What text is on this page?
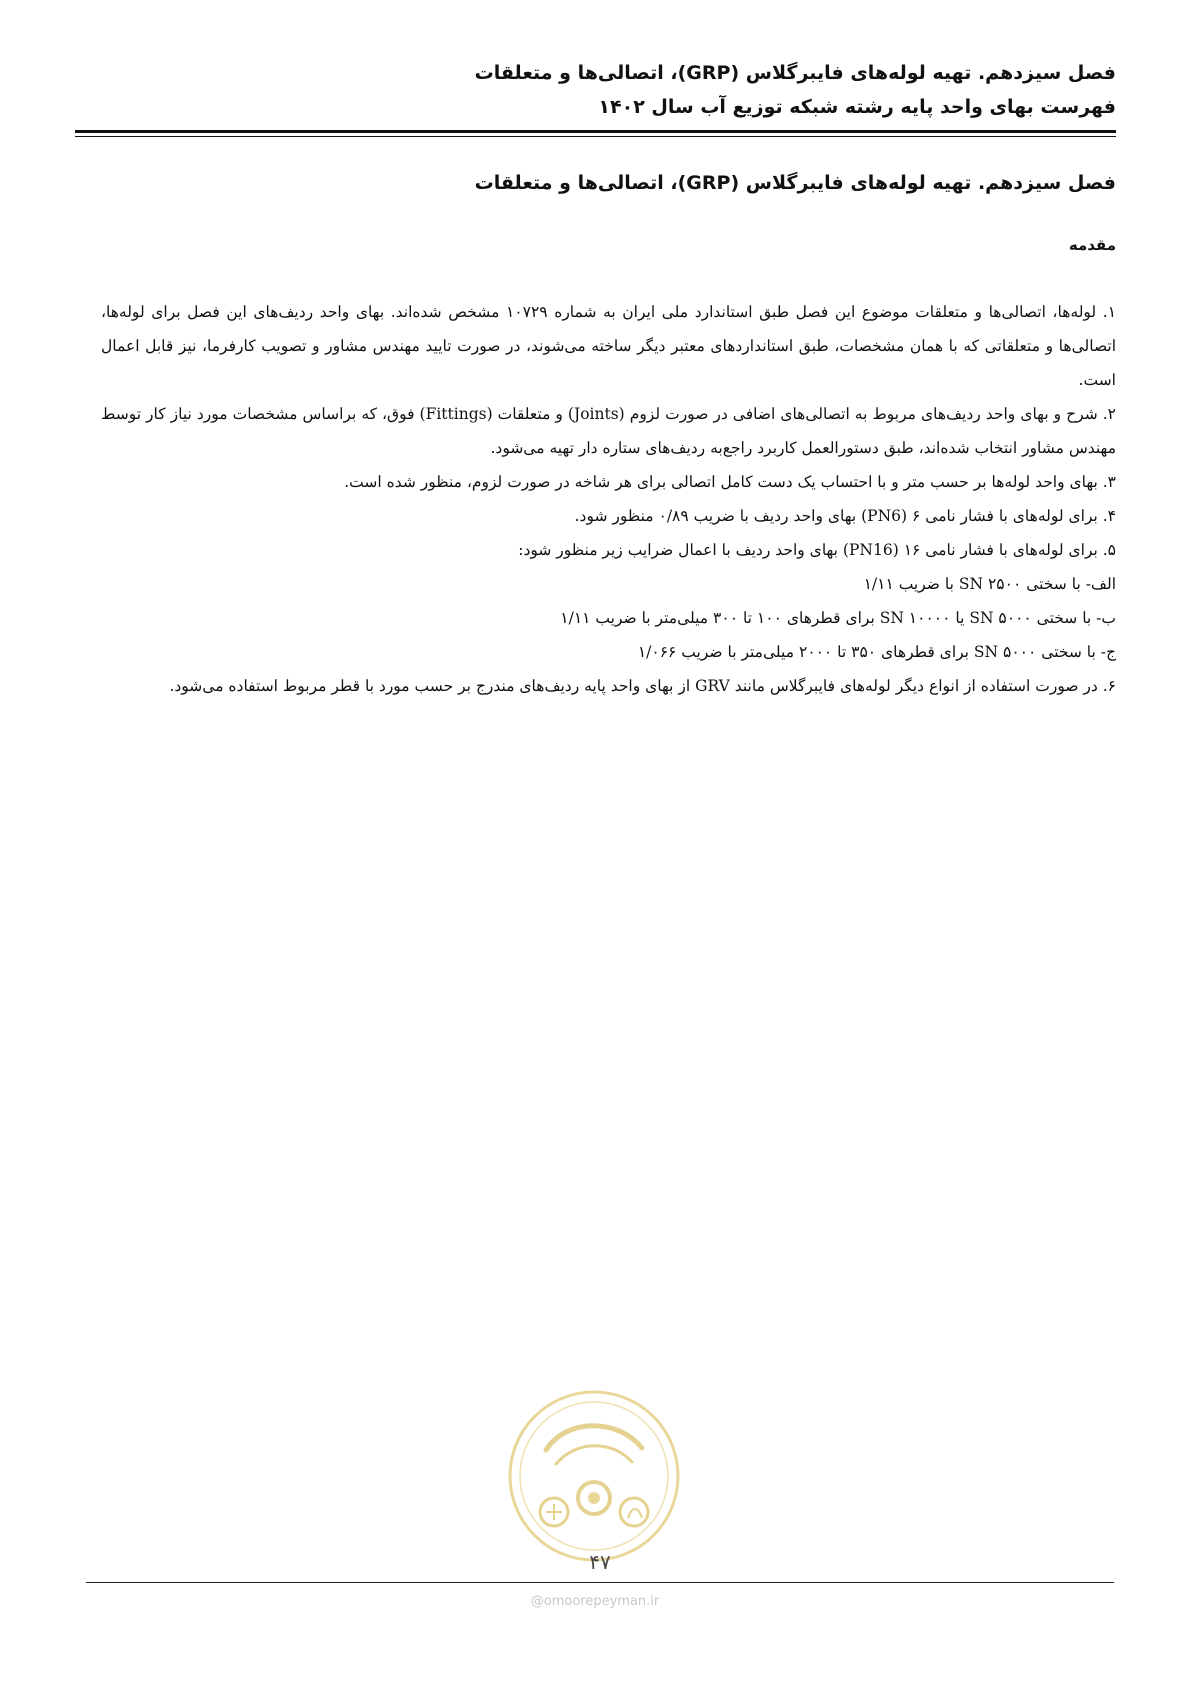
فصل سیزدهم. تهیه لوله‌های فایبرگلاس (GRP)، اتصالی‌ها و متعلقات
فهرست بهای واحد پایه رشته شبکه توزیع آب سال ۱۴۰۲
فصل سیزدهم. تهیه لوله‌های فایبرگلاس (GRP)، اتصالی‌ها و متعلقات
مقدمه

۱. لوله‌ها، اتصالی‌ها و متعلقات موضوع این فصل طبق استاندارد ملی ایران به شماره ۱۰۷۲۹ مشخص شده‌اند. بهای واحد ردیف‌های این فصل برای لوله‌ها، اتصالی‌ها و متعلقاتی که با همان مشخصات، طبق استانداردهای معتبر دیگر ساخته می‌شوند، در صورت تایید مهندس مشاور و تصویب کارفرما، نیز قابل اعمال است.

۲. شرح و بهای واحد ردیف‌های مربوط به اتصالی‌های اضافی در صورت لزوم (Joints) و متعلقات (Fittings) فوق، که براساس مشخصات مورد نیاز کار توسط مهندس مشاور انتخاب شده‌اند، طبق دستورالعمل کاربرد راجع‌به ردیف‌های ستاره دار تهیه می‌شود.

۳. بهای واحد لوله‌ها بر حسب متر و با احتساب یک دست کامل اتصالی برای هر شاخه در صورت لزوم، منظور شده است.

۴. برای لوله‌های با فشار نامی ۶ (PN6) بهای واحد ردیف با ضریب ۰/۸۹ منظور شود.

۵. برای لوله‌های با فشار نامی ۱۶ (PN16) بهای واحد ردیف با اعمال ضرایب زیر منظور شود:

الف- با سختی SN ۲۵۰۰ با ضریب ۱/۱۱

ب- با سختی SN ۵۰۰۰ یا SN ۱۰۰۰۰ برای قطرهای ۱۰۰ تا ۳۰۰ میلی‌متر با ضریب ۱/۱۱

ج- با سختی SN ۵۰۰۰ برای قطرهای ۳۵۰ تا ۲۰۰۰ میلی‌متر با ضریب ۱/۰۶۶

۶. در صورت استفاده از انواع دیگر لوله‌های فایبرگلاس مانند GRV از بهای واحد پایه ردیف‌های مندرج بر حسب مورد با قطر مربوط استفاده می‌شود.

۴۷
@omoorepeyman.ir
